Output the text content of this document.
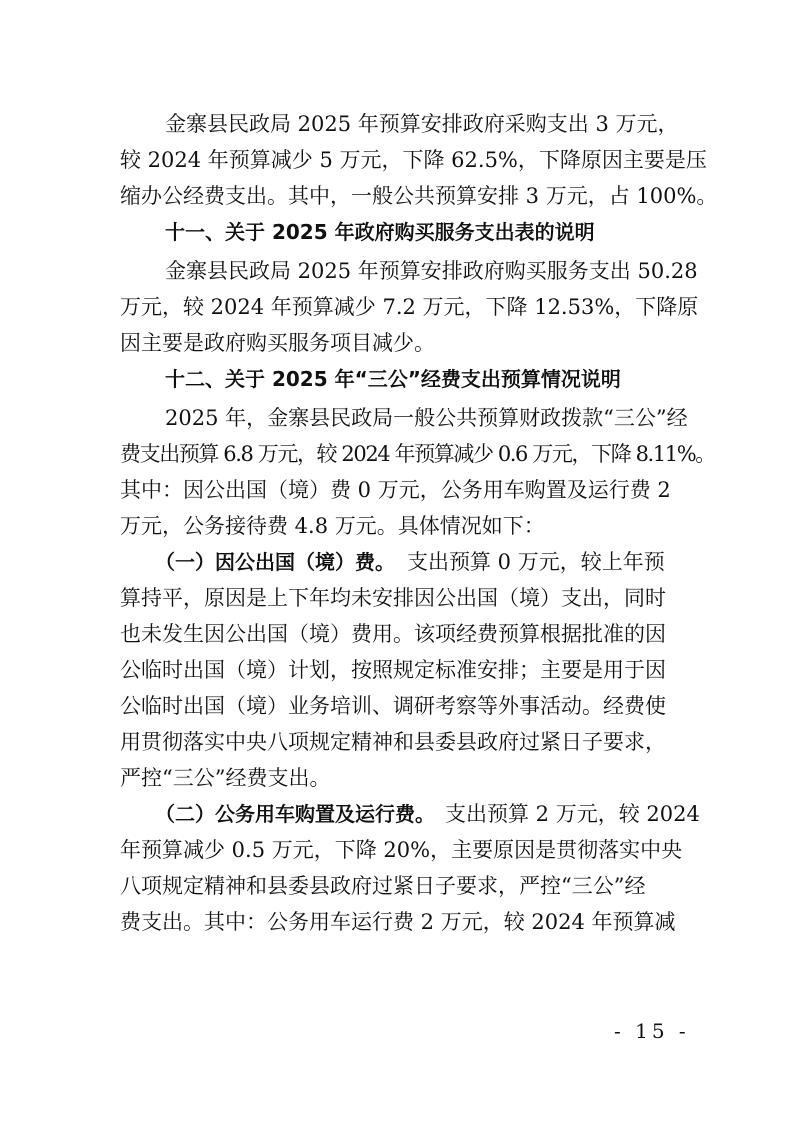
金寨县民政局 2025 年预算安排政府采购支出 3 万元，
较 2024 年预算减少 5 万元，下降 62.5%，下降原因主要是压
缩办公经费支出。其中，一般公共预算安排 3 万元，占 100%。
十一、关于 2025 年政府购买服务支出表的说明
金寨县民政局 2025 年预算安排政府购买服务支出 50.28
万元，较 2024 年预算减少 7.2 万元，下降 12.53%，下降原
因主要是政府购买服务项目减少。
十二、关于 2025 年“三公”经费支出预算情况说明
2025 年，金寨县民政局一般公共预算财政拨款“三公”经
费支出预算 6.8 万元，较 2024 年预算减少 0.6 万元，下降 8.11%。
其中：因公出国（境）费 0 万元，公务用车购置及运行费 2
万元，公务接待费 4.8 万元。具体情况如下：
（一）因公出国（境）费。 支出预算 0 万元，较上年预
算持平，原因是上下年均未安排因公出国（境）支出，同时
也未发生因公出国（境）费用。该项经费预算根据批准的因
公临时出国（境）计划，按照规定标准安排；主要是用于因
公临时出国（境）业务培训、调研考察等外事活动。经费使
用贯彻落实中央八项规定精神和县委县政府过紧日子要求，
严控“三公”经费支出。
（二）公务用车购置及运行费。 支出预算 2 万元，较 2024
年预算减少 0.5 万元，下降 20%，主要原因是贯彻落实中央
八项规定精神和县委县政府过紧日子要求，严控“三公”经
费支出。其中：公务用车运行费 2 万元，较 2024 年预算减
- 15 -
